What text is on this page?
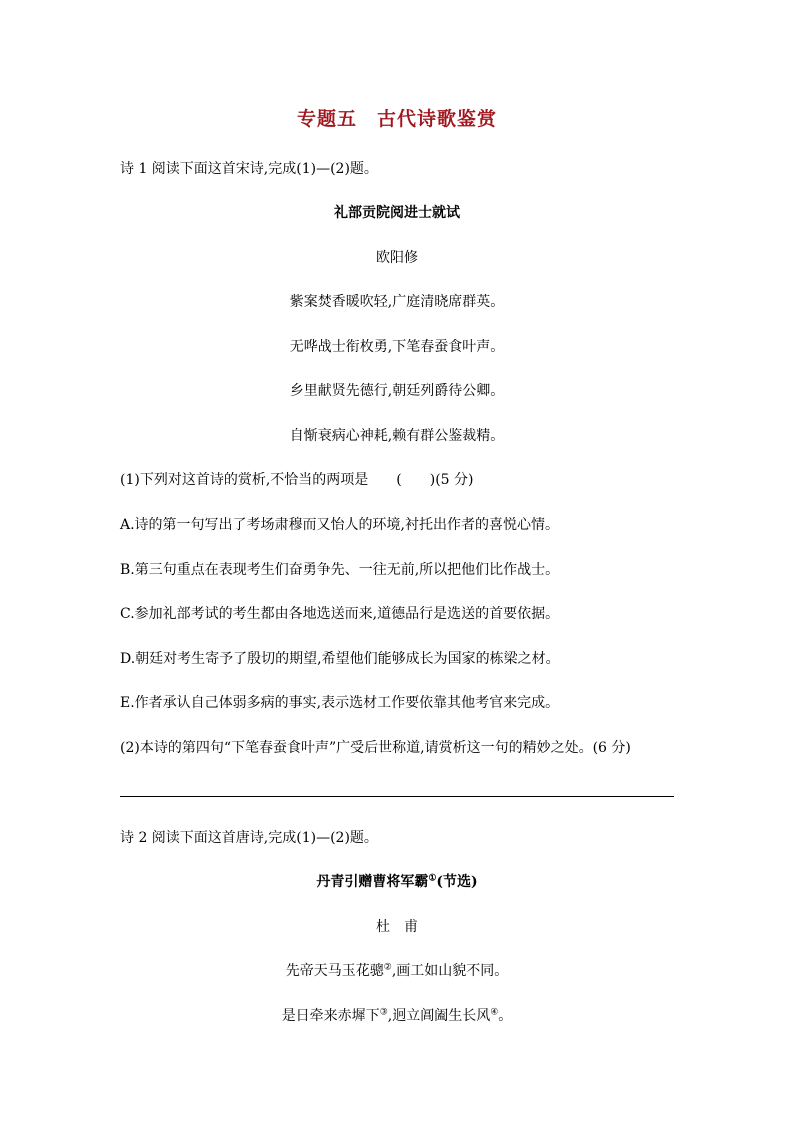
专题五　古代诗歌鉴赏
诗 1 阅读下面这首宋诗,完成(1)—(2)题。
礼部贡院阅进士就试
欧阳修
紫案焚香暖吹轻,广庭清晓席群英。
无哗战士衔枚勇,下笔春蚕食叶声。
乡里献贤先德行,朝廷列爵待公卿。
自惭衰病心神耗,赖有群公鉴裁精。
(1)下列对这首诗的赏析,不恰当的两项是　　(　　)(5 分)
A.诗的第一句写出了考场肃穆而又怡人的环境,衬托出作者的喜悦心情。
B.第三句重点在表现考生们奋勇争先、一往无前,所以把他们比作战士。
C.参加礼部考试的考生都由各地选送而来,道德品行是选送的首要依据。
D.朝廷对考生寄予了殷切的期望,希望他们能够成长为国家的栋梁之材。
E.作者承认自己体弱多病的事实,表示选材工作要依靠其他考官来完成。
(2)本诗的第四句“下笔春蚕食叶声”广受后世称道,请赏析这一句的精妙之处。(6 分)
诗 2 阅读下面这首唐诗,完成(1)—(2)题。
丹青引赠曹将军霸①(节选)
杜　甫
先帝天马玉花骢②,画工如山貌不同。
是日牵来赤墀下③,迥立阊阖生长风④。
